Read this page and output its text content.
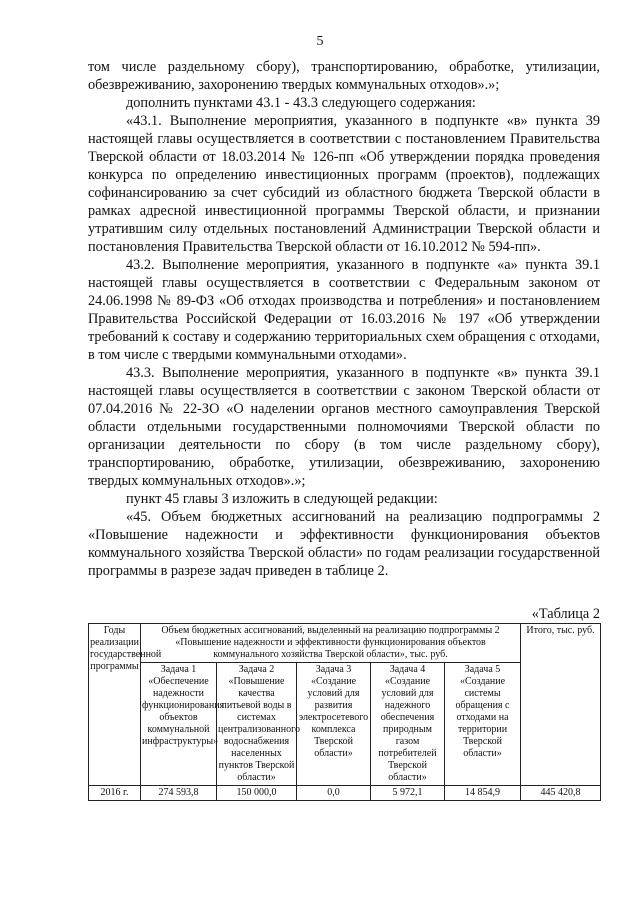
5

том числе раздельному сбору), транспортированию, обработке, утилизации, обезвреживанию, захоронению твердых коммунальных отходов».»;

дополнить пунктами 43.1 - 43.3 следующего содержания:

«43.1. Выполнение мероприятия, указанного в подпункте «в» пункта 39 настоящей главы осуществляется в соответствии с постановлением Правительства Тверской области от 18.03.2014 № 126-пп «Об утверждении порядка проведения конкурса по определению инвестиционных программ (проектов), подлежащих софинансированию за счет субсидий из областного бюджета Тверской области в рамках адресной инвестиционной программы Тверской области, и признании утратившим силу отдельных постановлений Администрации Тверской области и постановления Правительства Тверской области от 16.10.2012 № 594-пп».

43.2. Выполнение мероприятия, указанного в подпункте «а» пункта 39.1 настоящей главы осуществляется в соответствии с Федеральным законом от 24.06.1998 № 89-ФЗ «Об отходах производства и потребления» и постановлением Правительства Российской Федерации от 16.03.2016 № 197 «Об утверждении требований к составу и содержанию территориальных схем обращения с отходами, в том числе с твердыми коммунальными отходами».

43.3. Выполнение мероприятия, указанного в подпункте «в» пункта 39.1 настоящей главы осуществляется в соответствии с законом Тверской области от 07.04.2016 № 22-ЗО «О наделении органов местного самоуправления Тверской области отдельными государственными полномочиями Тверской области по организации деятельности по сбору (в том числе раздельному сбору), транспортированию, обработке, утилизации, обезвреживанию, захоронению твердых коммунальных отходов».»;

пункт 45 главы 3 изложить в следующей редакции:

«45. Объем бюджетных ассигнований на реализацию подпрограммы 2 «Повышение надежности и эффективности функционирования объектов коммунального хозяйства Тверской области» по годам реализации государственной программы в разрезе задач приведен в таблице 2.

«Таблица 2
Годы реализации государственной программы	Объем бюджетных ассигнований, выделенный на реализацию подпрограммы 2 «Повышение надежности и эффективности функционирования объектов коммунального хозяйства Тверской области», тыс. руб.					Итого, тыс. руб.
	Задача 1 «Обеспечение надежности функционирования объектов коммунальной инфраструктуры»	Задача 2 «Повышение качества питьевой воды в системах централизованного водоснабжения населенных пунктов Тверской области»	Задача 3 «Создание условий для развития электросетевого комплекса Тверской области»	Задача 4 «Создание условий для надежного обеспечения природным газом потребителей Тверской области»	Задача 5 «Создание системы обращения с отходами на территории Тверской области»	
2016 г.	274 593,8	150 000,0	0,0	5 972,1	14 854,9	445 420,8
